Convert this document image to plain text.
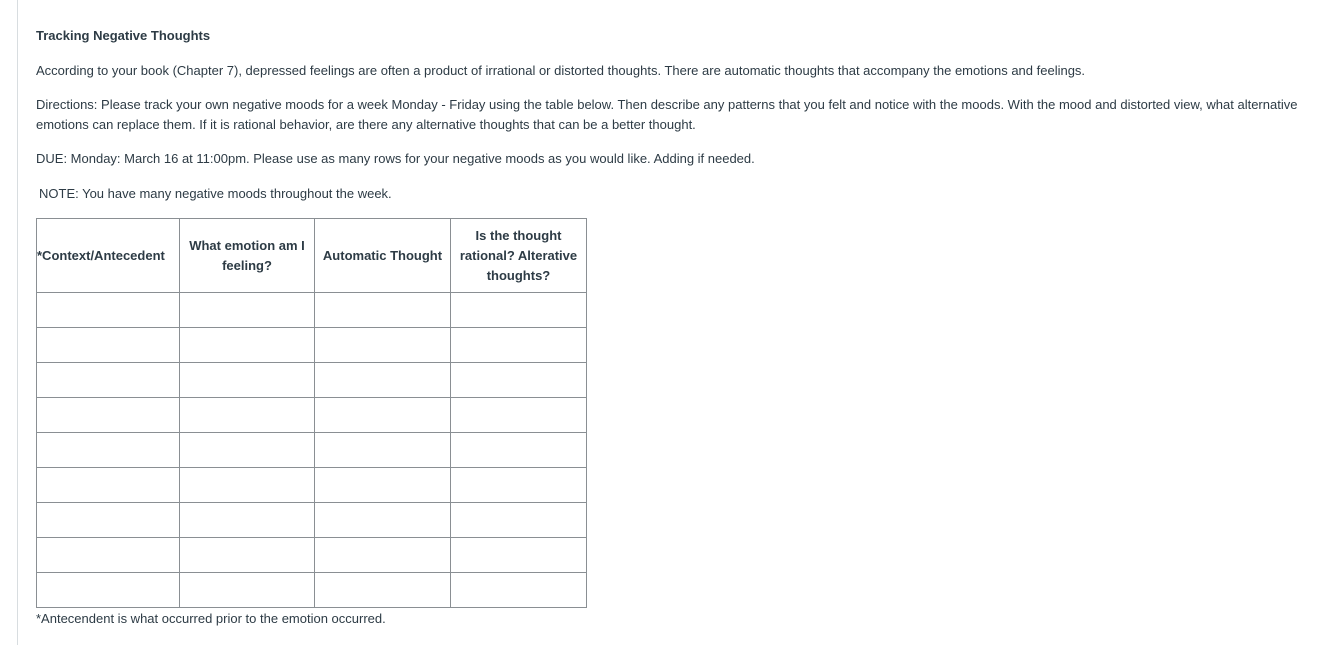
Tracking Negative Thoughts

According to your book (Chapter 7), depressed feelings are often a product of irrational or distorted thoughts. There are automatic thoughts that accompany the emotions and feelings.

Directions: Please track your own negative moods for a week Monday - Friday using the table below. Then describe any patterns that you felt and notice with the moods. With the mood and distorted view, what alternative emotions can replace them. If it is rational behavior, are there any alternative thoughts that can be a better thought.

DUE: Monday: March 16 at 11:00pm. Please use as many rows for your negative moods as you would like. Adding if needed.

NOTE: You have many negative moods throughout the week.

*Context/Antecedent	What emotion am I feeling?	Automatic Thought	Is the thought rational? Alterative thoughts?

*Antecendent is what occurred prior to the emotion occurred.
